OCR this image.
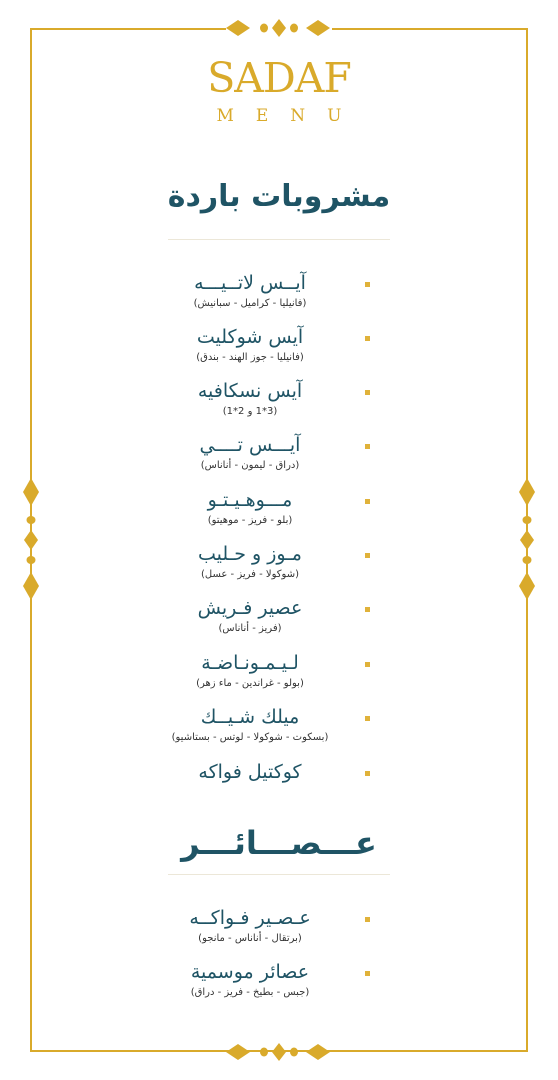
SADAF
MENU
مشروبات باردة
آيــس لاتــيـــه
(فانيليا - كراميل - سبانيش)
آيس شوكليت
(فانيليا - جوز الهند - بندق)
آيس نسكافيه
(3*1 و 2*1)
آيـــس تــــي
(دراق - ليمون - أناناس)
مـــوهـيـتـو
(بلو - فريز - موهيتو)
مـوز و حـليب
(شوكولا - فريز - عسل)
عصير فـريش
(فريز - أناناس)
لـيـمـونـاضـة
(بولو - غراندين - ماء زهر)
ميلك شـيــك
(بسكوت - شوكولا - لوتس - بستاشيو)
كوكتيل فواكه
عـــصـــائـــر
عـصـير فـواكــه
(برتقال - أناناس - مانجو)
عصائر موسمية
(جبس - بطيخ - فريز - دراق)
